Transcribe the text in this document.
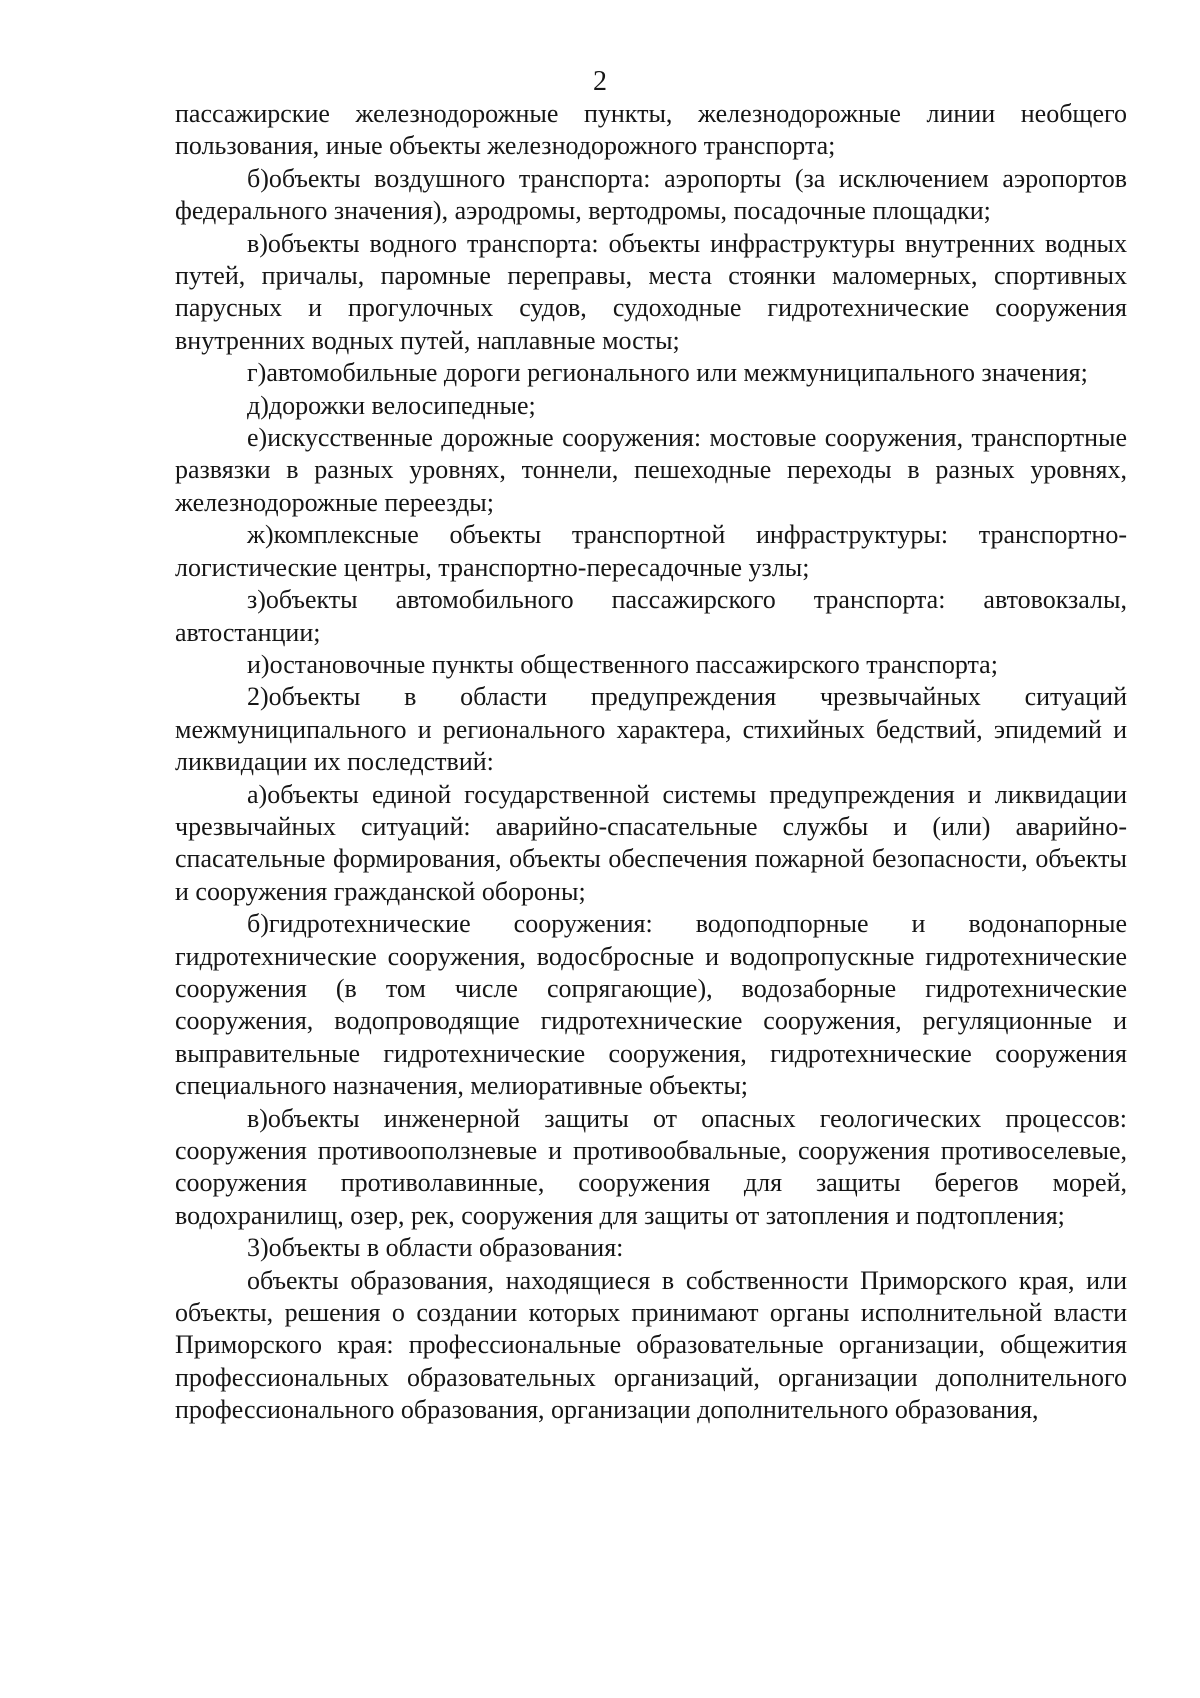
2

пассажирские железнодорожные пункты, железнодорожные линии необщего пользования, иные объекты железнодорожного транспорта;

б)объекты воздушного транспорта: аэропорты (за исключением аэропортов федерального значения), аэродромы, вертодромы, посадочные площадки;

в)объекты водного транспорта: объекты инфраструктуры внутренних водных путей, причалы, паромные переправы, места стоянки маломерных, спортивных парусных и прогулочных судов, судоходные гидротехнические сооружения внутренних водных путей, наплавные мосты;

г)автомобильные дороги регионального или межмуниципального значения;

д)дорожки велосипедные;

е)искусственные дорожные сооружения: мостовые сооружения, транспортные развязки в разных уровнях, тоннели, пешеходные переходы в разных уровнях, железнодорожные переезды;

ж)комплексные объекты транспортной инфраструктуры: транспортно-логистические центры, транспортно-пересадочные узлы;

з)объекты автомобильного пассажирского транспорта: автовокзалы, автостанции;

и)остановочные пункты общественного пассажирского транспорта;

2)объекты в области предупреждения чрезвычайных ситуаций межмуниципального и регионального характера, стихийных бедствий, эпидемий и ликвидации их последствий:

а)объекты единой государственной системы предупреждения и ликвидации чрезвычайных ситуаций: аварийно-спасательные службы и (или) аварийно-спасательные формирования, объекты обеспечения пожарной безопасности, объекты и сооружения гражданской обороны;

б)гидротехнические сооружения: водоподпорные и водонапорные гидротехнические сооружения, водосбросные и водопропускные гидротехнические сооружения (в том числе сопрягающие), водозаборные гидротехнические сооружения, водопроводящие гидротехнические сооружения, регуляционные и выправительные гидротехнические сооружения, гидротехнические сооружения специального назначения, мелиоративные объекты;

в)объекты инженерной защиты от опасных геологических процессов: сооружения противооползневые и противообвальные, сооружения противоселевые, сооружения противолавинные, сооружения для защиты берегов морей, водохранилищ, озер, рек, сооружения для защиты от затопления и подтопления;

3)объекты в области образования:

объекты образования, находящиеся в собственности Приморского края, или объекты, решения о создании которых принимают органы исполнительной власти Приморского края: профессиональные образовательные организации, общежития профессиональных образовательных организаций, организации дополнительного профессионального образования, организации дополнительного образования,
